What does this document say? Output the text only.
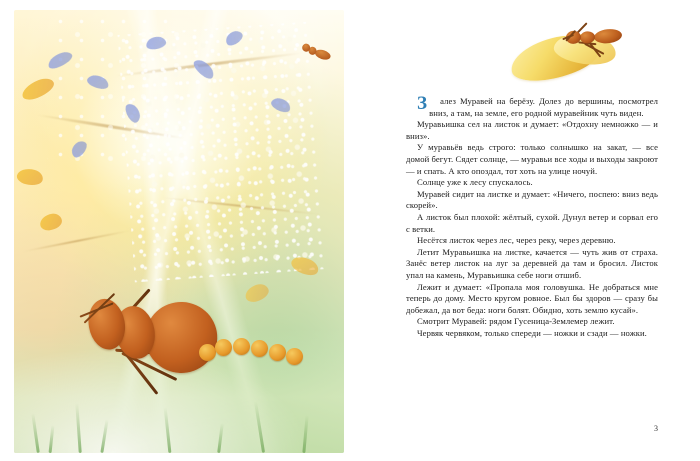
З алез Муравей на берёзу. Долез до вершины, посмотрел вниз, а там, на земле, его родной муравейник чуть виден.

Муравьишка сел на листок и думает: «Отдохну немножко — и вниз».

У муравьёв ведь строго: только солнышко на закат, — все домой бегут. Сядет солнце, — муравьи все ходы и выходы закроют — и спать. А кто опоздал, тот хоть на улице ночуй.

Солнце уже к лесу спускалось.

Муравей сидит на листке и думает: «Ничего, поспею: вниз ведь скорей».

А листок был плохой: жёлтый, сухой. Дунул ветер и сорвал его с ветки.

Несётся листок через лес, через реку, через деревню.

Летит Муравьишка на листке, качается — чуть жив от страха. Занёс ветер листок на луг за деревней да там и бросил. Листок упал на камень, Муравьишка себе ноги отшиб.

Лежит и думает: «Пропала моя головушка. Не добраться мне теперь до дому. Место кругом ровное. Был бы здоров — сразу бы добежал, да вот беда: ноги болят. Обидно, хоть землю кусай».

Смотрит Муравей: рядом Гусеница-Землемер лежит.

Червяк червяком, только спереди — ножки и сзади — ножки.

3
